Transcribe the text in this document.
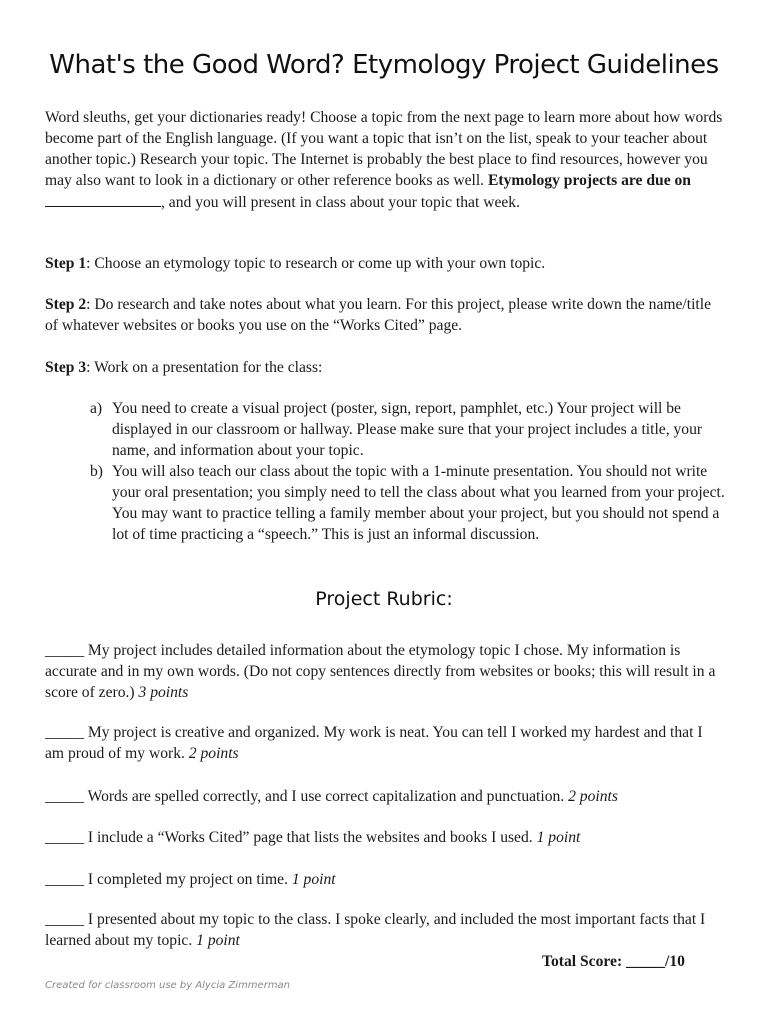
What's the Good Word? Etymology Project Guidelines
Word sleuths, get your dictionaries ready! Choose a topic from the next page to learn more about how words become part of the English language. (If you want a topic that isn’t on the list, speak to your teacher about another topic.) Research your topic. The Internet is probably the best place to find resources, however you may also want to look in a dictionary or other reference books as well. Etymology projects are due on , and you will present in class about your topic that week.
Step 1: Choose an etymology topic to research or come up with your own topic.
Step 2: Do research and take notes about what you learn. For this project, please write down the name/title of whatever websites or books you use on the “Works Cited” page.
Step 3: Work on a presentation for the class:
a) You need to create a visual project (poster, sign, report, pamphlet, etc.) Your project will be displayed in our classroom or hallway. Please make sure that your project includes a title, your name, and information about your topic.
b) You will also teach our class about the topic with a 1-minute presentation. You should not write your oral presentation; you simply need to tell the class about what you learned from your project. You may want to practice telling a family member about your project, but you should not spend a lot of time practicing a “speech.” This is just an informal discussion.
Project Rubric:
_____ My project includes detailed information about the etymology topic I chose. My information is accurate and in my own words. (Do not copy sentences directly from websites or books; this will result in a score of zero.) 3 points
_____ My project is creative and organized. My work is neat. You can tell I worked my hardest and that I am proud of my work. 2 points
_____ Words are spelled correctly, and I use correct capitalization and punctuation. 2 points
_____ I include a “Works Cited” page that lists the websites and books I used. 1 point
_____ I completed my project on time. 1 point
_____ I presented about my topic to the class. I spoke clearly, and included the most important facts that I learned about my topic. 1 point
Total Score: _____/10
Created for classroom use by Alycia Zimmerman
